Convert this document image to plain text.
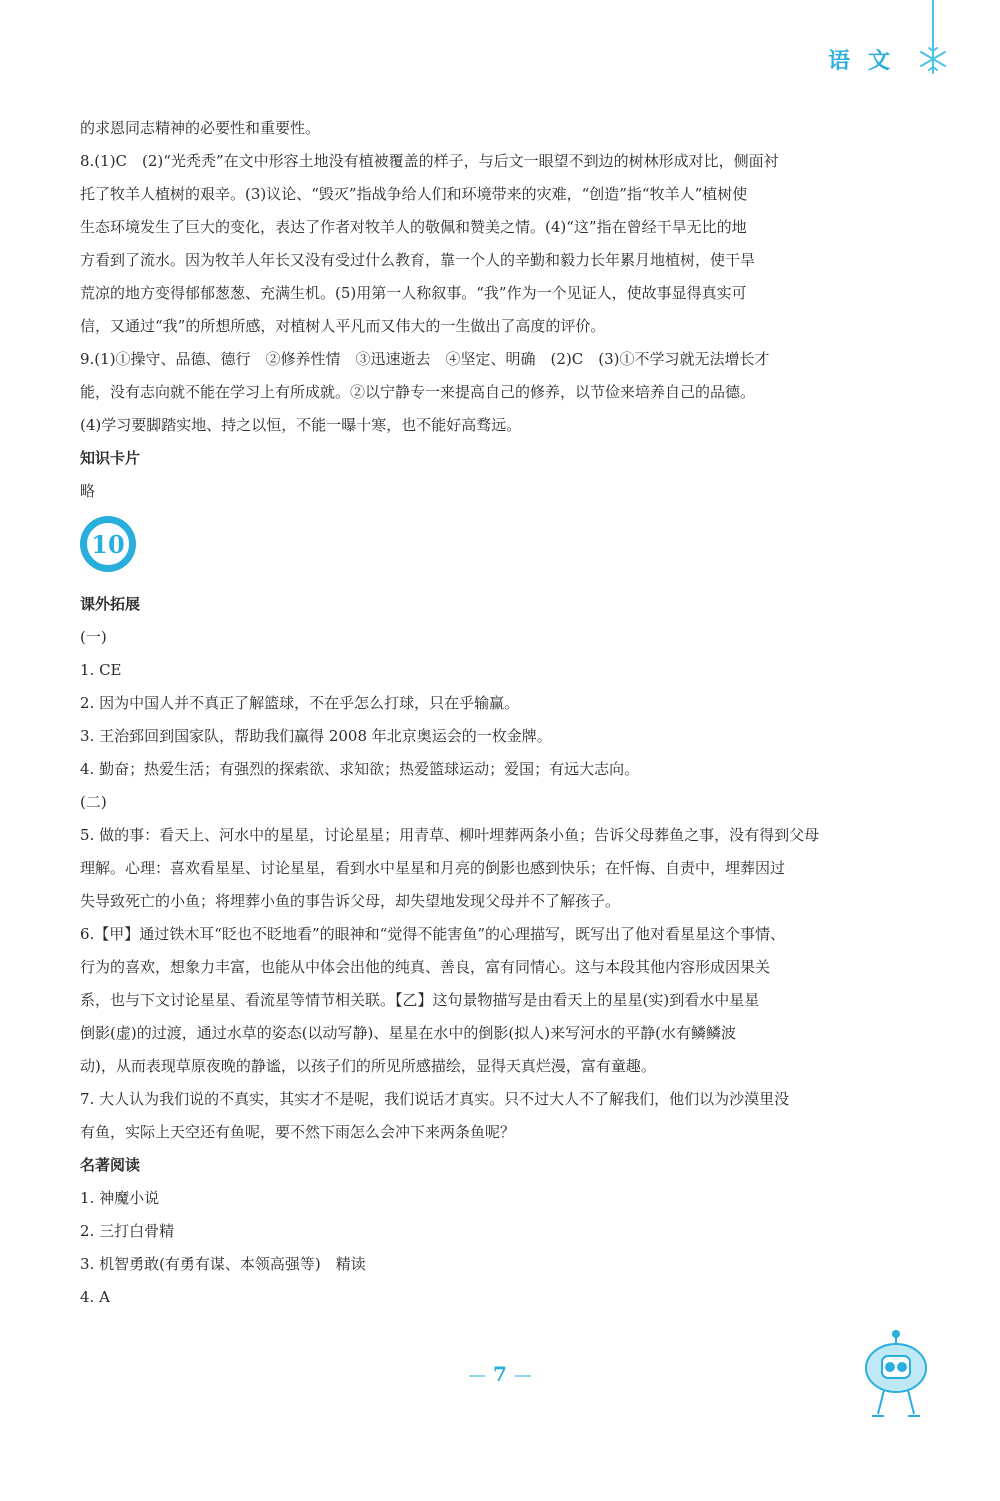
语文

的求恩同志精神的必要性和重要性。

8.(1)C　(2)“光秃秃”在文中形容土地没有植被覆盖的样子，与后文一眼望不到边的树林形成对比，侧面衬

托了牧羊人植树的艰辛。(3)议论、“毁灭”指战争给人们和环境带来的灾难，“创造”指“牧羊人”植树使

生态环境发生了巨大的变化，表达了作者对牧羊人的敬佩和赞美之情。(4)“这”指在曾经干旱无比的地

方看到了流水。因为牧羊人年长又没有受过什么教育，靠一个人的辛勤和毅力长年累月地植树，使干旱

荒凉的地方变得郁郁葱葱、充满生机。(5)用第一人称叙事。“我”作为一个见证人，使故事显得真实可

信，又通过“我”的所想所感，对植树人平凡而又伟大的一生做出了高度的评价。

9.(1)①操守、品德、德行　②修养性情　③迅速逝去　④坚定、明确　(2)C　(3)①不学习就无法增长才

能，没有志向就不能在学习上有所成就。②以宁静专一来提高自己的修养，以节俭来培养自己的品德。

(4)学习要脚踏实地、持之以恒，不能一曝十寒，也不能好高骛远。

知识卡片

略

10

课外拓展

(一)

1. CE

2. 因为中国人并不真正了解篮球，不在乎怎么打球，只在乎输赢。

3. 王治郅回到国家队，帮助我们赢得 2008 年北京奥运会的一枚金牌。

4. 勤奋；热爱生活；有强烈的探索欲、求知欲；热爱篮球运动；爱国；有远大志向。

(二)

5. 做的事：看天上、河水中的星星，讨论星星；用青草、柳叶埋葬两条小鱼；告诉父母葬鱼之事，没有得到父母

理解。心理：喜欢看星星、讨论星星，看到水中星星和月亮的倒影也感到快乐；在忏悔、自责中，埋葬因过

失导致死亡的小鱼；将埋葬小鱼的事告诉父母，却失望地发现父母并不了解孩子。

6.【甲】通过铁木耳“眨也不眨地看”的眼神和“觉得不能害鱼”的心理描写，既写出了他对看星星这个事情、

行为的喜欢，想象力丰富，也能从中体会出他的纯真、善良，富有同情心。这与本段其他内容形成因果关

系，也与下文讨论星星、看流星等情节相关联。【乙】这句景物描写是由看天上的星星(实)到看水中星星

倒影(虚)的过渡，通过水草的姿态(以动写静)、星星在水中的倒影(拟人)来写河水的平静(水有鳞鳞波

动)，从而表现草原夜晚的静谧，以孩子们的所见所感描绘，显得天真烂漫，富有童趣。

7. 大人认为我们说的不真实，其实才不是呢，我们说话才真实。只不过大人不了解我们，他们以为沙漠里没

有鱼，实际上天空还有鱼呢，要不然下雨怎么会冲下来两条鱼呢？

名著阅读

1. 神魔小说

2. 三打白骨精

3. 机智勇敢(有勇有谋、本领高强等)　精读

4. A

7
